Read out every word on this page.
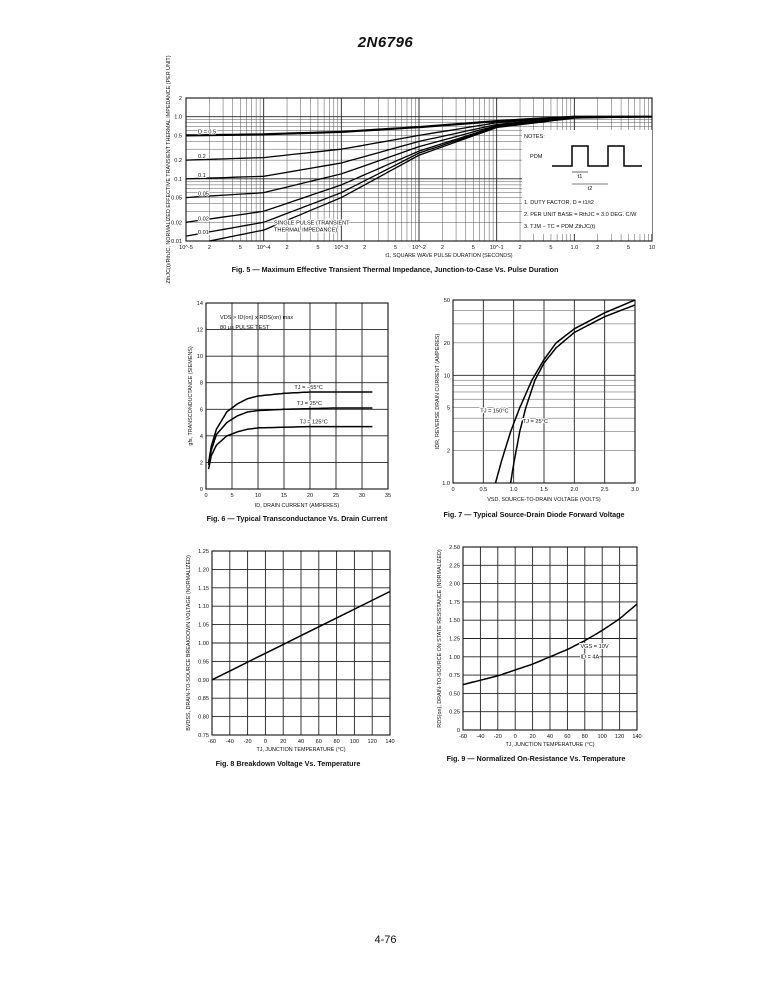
2N6796
10^-5	2	5	10^-4	2	5	10^-3	2	5	10^-2	2	5	10^-1	2	5	1.0	2	5	10
2
1.0
0.5
0.2
0.1
0.05
0.02
0.01
t1, SQUARE WAVE PULSE DURATION (SECONDS)
ZthJC(t)/RthJC, NORMALIZED EFFECTIVE TRANSIENT THERMAL IMPEDANCE (PER UNIT)	D = 0.5
0.2
0.1
0.05
0.02
0.01
SINGLE PULSE (TRANSIENT
THERMAL IMPEDANCE)
NOTES:
PDM
t1
t2
1. DUTY FACTOR, D = t1/t2
2. PER UNIT BASE = RthJC = 3.0 DEG. C/W
3. TJM − TC = PDM ZthJC(t)
Fig. 5 — Maximum Effective Transient Thermal Impedance, Junction-to-Case Vs. Pulse Duration
0	5	10	15	20	25	30	35
0
2
4
6
8
10
12
14
ID, DRAIN CURRENT (AMPERES)
gfs, TRANSCONDUCTANCE (SIEMENS)
VDS > ID(on) x RDS(on) max
80 μs PULSE TEST
TJ = −55°C
TJ = 25°C
TJ = 125°C
Fig. 6 — Typical Transconductance Vs. Drain Current
0	0.5	1.0	1.5	2.0	2.5	3.0
1.0
2
5
10
20
50
VSD, SOURCE-TO-DRAIN VOLTAGE (VOLTS)
IDR, REVERSE DRAIN CURRENT (AMPERES)	TJ = 150°C
TJ = 25°C
Fig. 7 — Typical Source-Drain Diode Forward Voltage
-60 -40 -20 0 20 40 60 80 100 120 140
1.25
1.20
1.15
1.10
1.05
1.00
0.95
0.90
0.85
0.80
0.75
TJ, JUNCTION TEMPERATURE (°C)
BVDSS, DRAIN-TO-SOURCE BREAKDOWN VOLTAGE (NORMALIZED)
Fig. 8 Breakdown Voltage Vs. Temperature
-60 -40 -20 0 20 40 60 80 100 120 140
2.50
2.25
2.00
1.75
1.50
1.25
1.00
0.75
0.50
0.25
0
TJ, JUNCTION TEMPERATURE (°C)
RDS(on), DRAIN-TO-SOURCE ON STATE RESISTANCE (NORMALIZED)	VGS = 10V
ID = 4A
Fig. 9 — Normalized On-Resistance Vs. Temperature
4-76
